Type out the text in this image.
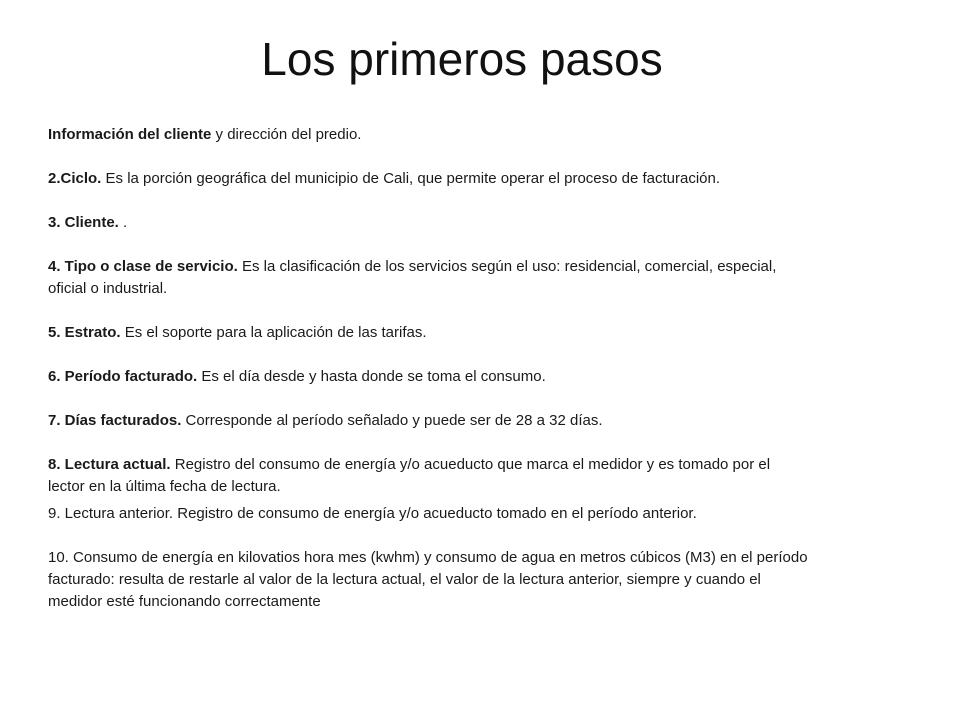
Los primeros pasos

Información del cliente y dirección del predio.

2.Ciclo. Es la porción geográfica del municipio de Cali, que permite operar el proceso de facturación.

3. Cliente. .

4. Tipo o clase de servicio. Es la clasificación de los servicios según el uso: residencial, comercial, especial, oficial o industrial.

5. Estrato. Es el soporte para la aplicación de las tarifas.

6. Período facturado. Es el día desde y hasta donde se toma el consumo.

7. Días facturados. Corresponde al período señalado y puede ser de 28 a 32 días.

8. Lectura actual. Registro del consumo de energía y/o acueducto que marca el medidor y es tomado por el lector en la última fecha de lectura.

9. Lectura anterior. Registro de consumo de energía y/o acueducto tomado en el período anterior.

10. Consumo de energía en kilovatios hora mes (kwhm) y consumo de agua en metros cúbicos (M3) en el período facturado: resulta de restarle al valor de la lectura actual, el valor de la lectura anterior, siempre y cuando el medidor esté funcionando correctamente
